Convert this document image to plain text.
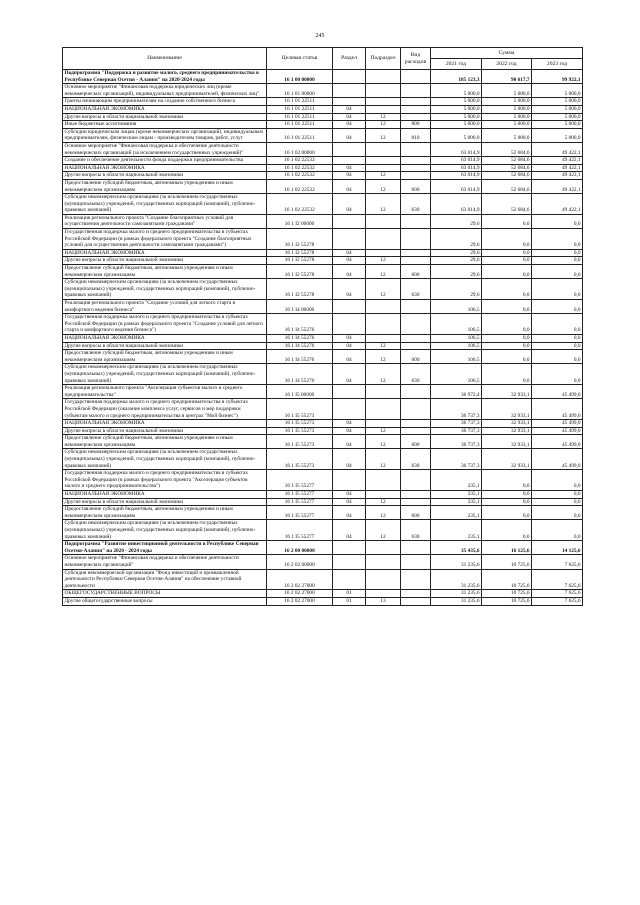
245
Наименование	Целевая статья	Раздел	Подраздел	Вид расходов	Сумма		
					2021 год	2022 год	2023 год
Подпрограмма "Поддержка и развитие малого, среднего предпринимательства в Республике Северная Осетия - Алания" на 2020-2024 годы	16 1 00 00000				185 123,3	90 617,7	99 922,1
Основное мероприятие "Финансовая поддержка юридических лиц (кроме некоммерческих организаций), индивидуальных предпринимателей, физических лиц"	16 1 01 00000				5 000,0	5 000,0	5 000,0
Гранты начинающим предпринимателям на создание собственного бизнеса	16 1 01 22511				5 000,0	5 000,0	5 000,0
НАЦИОНАЛЬНАЯ ЭКОНОМИКА	16 1 01 22511	04			5 000,0	5 000,0	5 000,0
Другие вопросы в области национальной экономики	16 1 01 22511	04	12		5 000,0	5 000,0	5 000,0
Иные бюджетные ассигнования	16 1 01 22511	04	12	800	5 000,0	5 000,0	5 000,0
Субсидии юридическим лицам (кроме некоммерческих организаций), индивидуальным предпринимателям, физическим лицам - производителям товаров, работ, услуг	16 1 01 22511	04	12	810	5 000,0	5 000,0	5 000,0
Основное мероприятие "Финансовая поддержка и обеспечение деятельности некоммерческих организаций (за исключением государственных учреждений)"	16 1 02 00000				63 014,9	52 684,6	49 422,1
Создание и обеспечение деятельности фонда поддержки предпринимательства	16 1 02 22532				63 014,9	52 684,6	49 422,1
НАЦИОНАЛЬНАЯ ЭКОНОМИКА	16 1 02 22532	04			63 014,9	52 684,6	49 422,1
Другие вопросы в области национальной экономики	16 1 02 22532	04	12		63 014,9	52 684,6	49 422,1
Предоставление субсидий бюджетным, автономным учреждениям и иным некоммерческим организациям	16 1 02 22532	04	12	600	63 014,9	52 684,6	49 422,1
Субсидии некоммерческим организациям (за исключением государственных (муниципальных) учреждений, государственных корпораций (компаний), публично-правовых компаний)	16 1 02 22532	04	12	630	63 014,9	52 684,6	49 422,1
Реализация регионального проекта "Создание благоприятных условий для осуществления деятельности самозанятыми гражданами"	16 1 I2 00000				29,6	0,0	0,0
Государственная поддержка малого и среднего предпринимательства в субъектах Российской Федерации (в рамках федерального проекта "Создание благоприятных условий для осуществления деятельности самозанятыми гражданами")	16 1 I2 55278				29,6	0,0	0,0
НАЦИОНАЛЬНАЯ ЭКОНОМИКА	16 1 I2 55278	04			29,6	0,0	0,0
Другие вопросы в области национальной экономики	16 1 I2 55278	04	12		29,6	0,0	0,0
Предоставление субсидий бюджетным, автономным учреждениям и иным некоммерческим организациям	16 1 I2 55278	04	12	600	29,6	0,0	0,0
Субсидии некоммерческим организациям (за исключением государственных (муниципальных) учреждений, государственных корпораций (компаний), публично-правовых компаний)	16 1 I2 55278	04	12	630	29,6	0,0	0,0
Реализация регионального проекта "Создание условий для легкого старта и комфортного ведения бизнеса"	16 1 I4 00000				106,5	0,0	0,0
Государственная поддержка малого и среднего предпринимательства в субъектах Российской Федерации (в рамках федерального проекта "Создание условий для легкого старта и комфортного ведения бизнеса")	16 1 I4 55276				106,5	0,0	0,0
НАЦИОНАЛЬНАЯ ЭКОНОМИКА	16 1 I4 55276	04			106,5	0,0	0,0
Другие вопросы в области национальной экономики	16 1 I4 55276	04	12		106,5	0,0	0,0
Предоставление субсидий бюджетным, автономным учреждениям и иным некоммерческим организациям	16 1 I4 55276	04	12	600	106,5	0,0	0,0
Субсидии некоммерческим организациям (за исключением государственных (муниципальных) учреждений, государственных корпораций (компаний), публично-правовых компаний)	16 1 I4 55276	04	12	630	106,5	0,0	0,0
Реализация регионального проекта "Акселерация субъектов малого и среднего предпринимательства"	16 1 I5 00000				36 972,4	32 933,1	45 499,0
Государственная поддержка малого и среднего предпринимательства в субъектах Российской Федерации (оказание комплекса услуг, сервисов и мер поддержки субъектам малого и среднего предпринимательства в центрах "Мой бизнес")	16 1 I5 55273				36 737,3	32 933,1	45 499,0
НАЦИОНАЛЬНАЯ ЭКОНОМИКА	16 1 I5 55273	04			36 737,3	32 933,1	45 499,0
Другие вопросы в области национальной экономики	16 1 I5 55273	04	12		36 737,3	32 933,1	45 499,0
Предоставление субсидий бюджетным, автономным учреждениям и иным некоммерческим организациям	16 1 I5 55273	04	12	600	36 737,3	32 933,1	45 499,0
Субсидии некоммерческим организациям (за исключением государственных (муниципальных) учреждений, государственных корпораций (компаний), публично-правовых компаний)	16 1 I5 55273	04	12	630	36 737,3	32 933,1	45 499,0
Государственная поддержка малого и среднего предпринимательства в субъектах Российской Федерации (в рамках федерального проекта "Акселерация субъектов малого и среднего предпринимательства")	16 1 I5 55277				235,1	0,0	0,0
НАЦИОНАЛЬНАЯ ЭКОНОМИКА	16 1 I5 55277	04			235,1	0,0	0,0
Другие вопросы в области национальной экономики	16 1 I5 55277	04	12		235,1	0,0	0,0
Предоставление субсидий бюджетным, автономным учреждениям и иным некоммерческим организациям	16 1 I5 55277	04	12	600	235,1	0,0	0,0
Субсидии некоммерческим организациям (за исключением государственных (муниципальных) учреждений, государственных корпораций (компаний), публично-правовых компаний)	16 1 I5 55277	04	12	630	235,1	0,0	0,0
Подпрограмма "Развитие инвестиционной деятельности в Республике Северная Осетия-Алания" на 2020 - 2024 годы	16 2 00 00000				35 435,6	16 125,6	14 125,6
Основное мероприятие "Финансовая поддержка и обеспечение деятельности некоммерческих организаций"	16 2 02 00000				31 235,6	10 725,6	7 625,6
Субсидия некоммерческой организации "Фонд инвестиций и промышленной деятельности Республики Северная Осетия-Алания" на обеспечение уставной деятельности	16 2 02 27000				31 235,6	10 725,6	7 625,6
ОБЩЕГОСУДАРСТВЕННЫЕ ВОПРОСЫ	16 2 02 27000	01			31 235,6	10 725,6	7 625,6
Другие общегосударственные вопросы	16 2 02 27000	01	13		31 235,6	10 725,6	7 625,6
